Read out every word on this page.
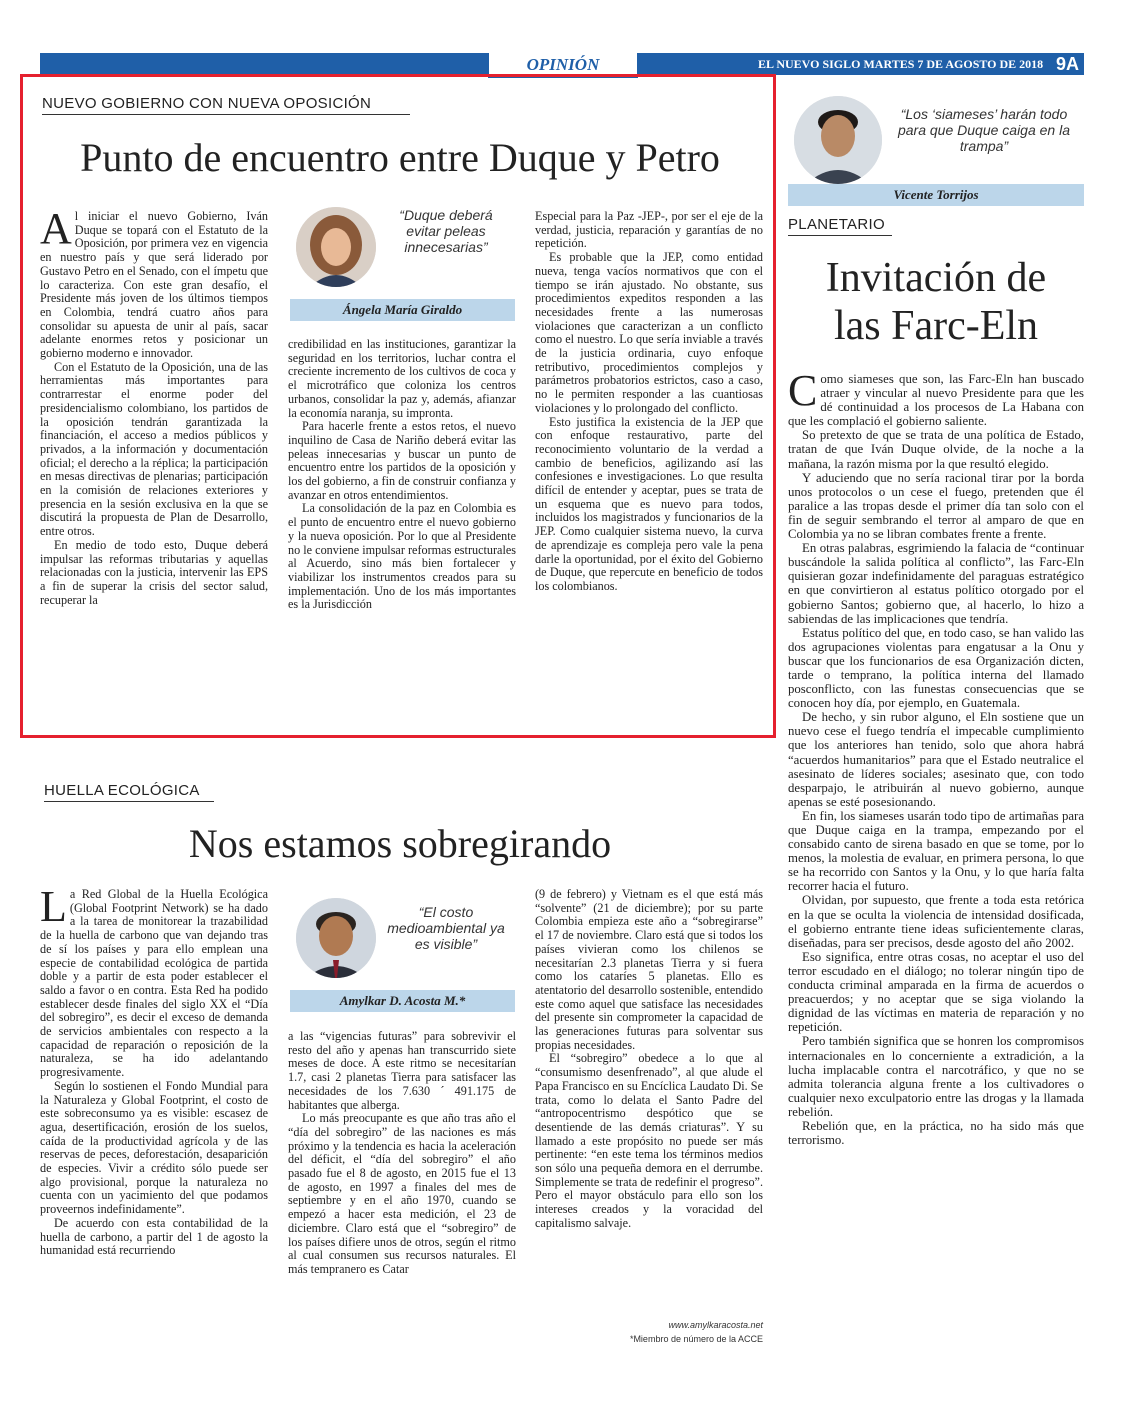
OPINIÓN	EL NUEVO SIGLO MARTES 7 DE AGOSTO DE 2018 9A
NUEVO GOBIERNO CON NUEVA OPOSICIÓN
Punto de encuentro entre Duque y Petro

Al iniciar el nuevo Gobierno, Iván Duque se topará con el Estatuto de la Oposición, por primera vez en vigencia en nuestro país y que será liderado por Gustavo Petro en el Senado, con el ímpetu que lo caracteriza. Con este gran desafío, el Presidente más joven de los últimos tiempos en Colombia, tendrá cuatro años para consolidar su apuesta de unir al país, sacar adelante enormes retos y posicionar un gobierno moderno e innovador.

Con el Estatuto de la Oposición, una de las herramientas más importantes para contrarrestar el enorme poder del presidencialismo colombiano, los partidos de la oposición tendrán garantizada la financiación, el acceso a medios públicos y privados, a la información y documentación oficial; el derecho a la réplica; la participación en mesas directivas de plenarias; participación en la comisión de relaciones exteriores y presencia en la sesión exclusiva en la que se discutirá la propuesta de Plan de Desarrollo, entre otros.

En medio de todo esto, Duque deberá impulsar las reformas tributarias y aquellas relacionadas con la justicia, intervenir las EPS a fin de superar la crisis del sector salud, recuperar la

“Duque deberá evitar peleas innecesarias”
Ángela María Giraldo

credibilidad en las instituciones, garantizar la seguridad en los territorios, luchar contra el creciente incremento de los cultivos de coca y el microtráfico que coloniza los centros urbanos, consolidar la paz y, además, afianzar la economía naranja, su impronta.

Para hacerle frente a estos retos, el nuevo inquilino de Casa de Nariño deberá evitar las peleas innecesarias y buscar un punto de encuentro entre los partidos de la oposición y los del gobierno, a fin de construir confianza y avanzar en otros entendimientos.

La consolidación de la paz en Colombia es el punto de encuentro entre el nuevo gobierno y la nueva oposición. Por lo que al Presidente no le conviene impulsar reformas estructurales al Acuerdo, sino más bien fortalecer y viabilizar los instrumentos creados para su implementación. Uno de los más importantes es la Jurisdicción

Especial para la Paz -JEP-, por ser el eje de la verdad, justicia, reparación y garantías de no repetición.

Es probable que la JEP, como entidad nueva, tenga vacíos normativos que con el tiempo se irán ajustado. No obstante, sus procedimientos expeditos responden a las necesidades frente a las numerosas violaciones que caracterizan a un conflicto como el nuestro. Lo que sería inviable a través de la justicia ordinaria, cuyo enfoque retributivo, procedimientos complejos y parámetros probatorios estrictos, caso a caso, no le permiten responder a las cuantiosas violaciones y lo prolongado del conflicto.

Esto justifica la existencia de la JEP que con enfoque restaurativo, parte del reconocimiento voluntario de la verdad a cambio de beneficios, agilizando así las confesiones e investigaciones. Lo que resulta difícil de entender y aceptar, pues se trata de un esquema que es nuevo para todos, incluidos los magistrados y funcionarios de la JEP. Como cualquier sistema nuevo, la curva de aprendizaje es compleja pero vale la pena darle la oportunidad, por el éxito del Gobierno de Duque, que repercute en beneficio de todos los colombianos.

HUELLA ECOLÓGICA
Nos estamos sobregirando

La Red Global de la Huella Ecológica (Global Footprint Network) se ha dado a la tarea de monitorear la trazabilidad de la huella de carbono que van dejando tras de sí los países y para ello emplean una especie de contabilidad ecológica de partida doble y a partir de esta poder establecer el saldo a favor o en contra. Esta Red ha podido establecer desde finales del siglo XX el “Día del sobregiro”, es decir el exceso de demanda de servicios ambientales con respecto a la capacidad de reparación o reposición de la naturaleza, se ha ido adelantando progresivamente.

Según lo sostienen el Fondo Mundial para la Naturaleza y Global Footprint, el costo de este sobreconsumo ya es visible: escasez de agua, desertificación, erosión de los suelos, caída de la productividad agrícola y de las reservas de peces, deforestación, desaparición de especies. Vivir a crédito sólo puede ser algo provisional, porque la naturaleza no cuenta con un yacimiento del que podamos proveernos indefinidamente”.

De acuerdo con esta contabilidad de la huella de carbono, a partir del 1 de agosto la humanidad está recurriendo

“El costo medioambiental ya es visible”
Amylkar D. Acosta M.*

a las “vigencias futuras” para sobrevivir el resto del año y apenas han transcurrido siete meses de doce. A este ritmo se necesitarían 1.7, casi 2 planetas Tierra para satisfacer las necesidades de los 7.630 ´ 491.175 de habitantes que alberga.

Lo más preocupante es que año tras año el “día del sobregiro” de las naciones es más próximo y la tendencia es hacia la aceleración del déficit, el “día del sobregiro” el año pasado fue el 8 de agosto, en 2015 fue el 13 de agosto, en 1997 a finales del mes de septiembre y en el año 1970, cuando se empezó a hacer esta medición, el 23 de diciembre. Claro está que el “sobregiro” de los países difiere unos de otros, según el ritmo al cual consumen sus recursos naturales. El más tempranero es Catar

(9 de febrero) y Vietnam es el que está más “solvente” (21 de diciembre); por su parte Colombia empieza este año a “sobregirarse” el 17 de noviembre. Claro está que si todos los países vivieran como los chilenos se necesitarían 2.3 planetas Tierra y si fuera como los cataríes 5 planetas. Ello es atentatorio del desarrollo sostenible, entendido este como aquel que satisface las necesidades del presente sin comprometer la capacidad de las generaciones futuras para solventar sus propias necesidades.

El “sobregiro” obedece a lo que al “consumismo desenfrenado”, al que alude el Papa Francisco en su Encíclica Laudato Di. Se trata, como lo delata el Santo Padre del “antropocentrismo despótico que se desentiende de las demás criaturas”. Y su llamado a este propósito no puede ser más pertinente: “en este tema los términos medios son sólo una pequeña demora en el derrumbe. Simplemente se trata de redefinir el progreso”. Pero el mayor obstáculo para ello son los intereses creados y la voracidad del capitalismo salvaje.

www.amylkaracosta.net
*Miembro de número de la ACCE
“Los ‘siameses’ harán todo para que Duque caiga en la trampa”
Vicente Torrijos
PLANETARIO
Invitación de
las Farc-Eln

Como siameses que son, las Farc-Eln han buscado atraer y vincular al nuevo Presidente para que les dé continuidad a los procesos de La Habana con que les complació el gobierno saliente.

So pretexto de que se trata de una política de Estado, tratan de que Iván Duque olvide, de la noche a la mañana, la razón misma por la que resultó elegido.

Y aduciendo que no sería racional tirar por la borda unos protocolos o un cese el fuego, pretenden que él paralice a las tropas desde el primer día tan solo con el fin de seguir sembrando el terror al amparo de que en Colombia ya no se libran combates frente a frente.

En otras palabras, esgrimiendo la falacia de “continuar buscándole la salida política al conflicto”, las Farc-Eln quisieran gozar indefinidamente del paraguas estratégico en que convirtieron al estatus político otorgado por el gobierno Santos; gobierno que, al hacerlo, lo hizo a sabiendas de las implicaciones que tendría.

Estatus político del que, en todo caso, se han valido las dos agrupaciones violentas para engatusar a la Onu y buscar que los funcionarios de esa Organización dicten, tarde o temprano, la política interna del llamado posconflicto, con las funestas consecuencias que se conocen hoy día, por ejemplo, en Guatemala.

De hecho, y sin rubor alguno, el Eln sostiene que un nuevo cese el fuego tendría el impecable cumplimiento que los anteriores han tenido, solo que ahora habrá “acuerdos humanitarios” para que el Estado neutralice el asesinato de líderes sociales; asesinato que, con todo desparpajo, le atribuirán al nuevo gobierno, aunque apenas se esté posesionando.

En fin, los siameses usarán todo tipo de artimañas para que Duque caiga en la trampa, empezando por el consabido canto de sirena basado en que se tome, por lo menos, la molestia de evaluar, en primera persona, lo que se ha recorrido con Santos y la Onu, y lo que haría falta recorrer hacia el futuro.

Olvidan, por supuesto, que frente a toda esta retórica en la que se oculta la violencia de intensidad dosificada, el gobierno entrante tiene ideas suficientemente claras, diseñadas, para ser precisos, desde agosto del año 2002.

Eso significa, entre otras cosas, no aceptar el uso del terror escudado en el diálogo; no tolerar ningún tipo de conducta criminal amparada en la firma de acuerdos o preacuerdos; y no aceptar que se siga violando la dignidad de las víctimas en materia de reparación y no repetición.

Pero también significa que se honren los compromisos internacionales en lo concerniente a extradición, a la lucha implacable contra el narcotráfico, y que no se admita tolerancia alguna frente a los cultivadores o cualquier nexo exculpatorio entre las drogas y la llamada rebelión.

Rebelión que, en la práctica, no ha sido más que terrorismo.
